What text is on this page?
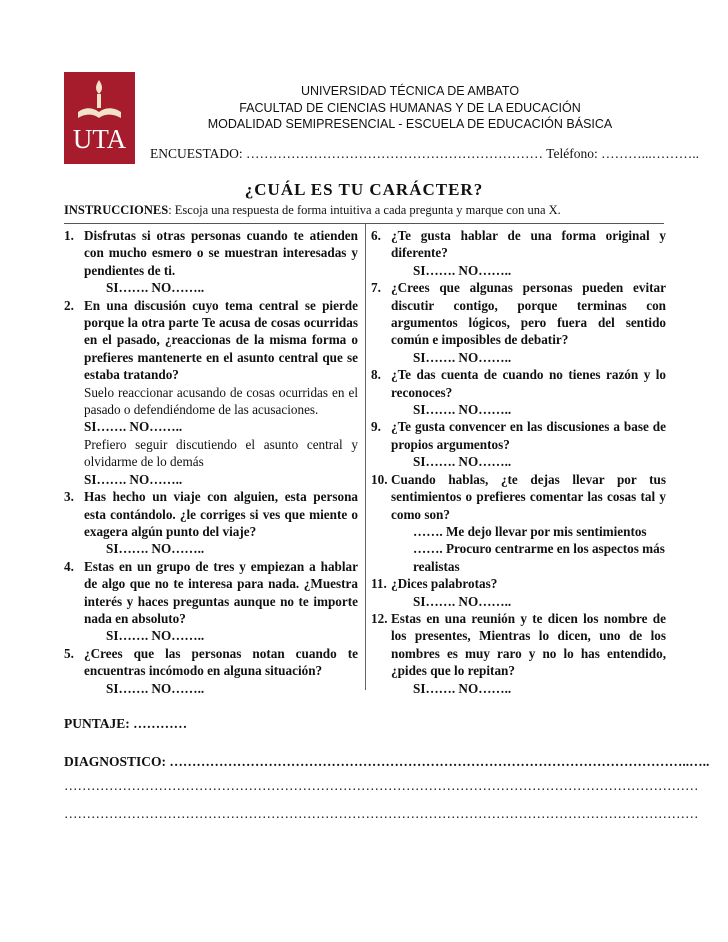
UTA
UNIVERSIDAD TÉCNICA DE AMBATO
FACULTAD DE CIENCIAS HUMANAS Y DE LA EDUCACIÓN
MODALIDAD SEMIPRESENCIAL - ESCUELA DE EDUCACIÓN BÁSICA
ENCUESTADO: ………………………………………………………… Teléfono: ………...………..
¿CUÁL ES TU CARÁCTER?
INSTRUCCIONES: Escoja una respuesta de forma intuitiva a cada pregunta y marque con una X.
1. Disfrutas si otras personas cuando te atienden con mucho esmero o se muestran interesadas y pendientes de ti.
SI……. NO……..
2. En una discusión cuyo tema central se pierde porque la otra parte Te acusa de cosas ocurridas en el pasado, ¿reaccionas de la misma forma o prefieres mantenerte en el asunto central que se estaba tratando?
Suelo reaccionar acusando de cosas ocurridas en el pasado o defendiéndome de las acusaciones.
SI……. NO……..
Prefiero seguir discutiendo el asunto central y olvidarme de lo demás
SI……. NO……..
3. Has hecho un viaje con alguien, esta persona esta contándolo. ¿le corriges si ves que miente o exagera algún punto del viaje?
SI……. NO……..
4. Estas en un grupo de tres y empiezan a hablar de algo que no te interesa para nada. ¿Muestra interés y haces preguntas aunque no te importe nada en absoluto?
SI……. NO……..
5. ¿Crees que las personas notan cuando te encuentras incómodo en alguna situación?
SI……. NO……..
6. ¿Te gusta hablar de una forma original y diferente?
SI……. NO……..
7. ¿Crees que algunas personas pueden evitar discutir contigo, porque terminas con argumentos lógicos, pero fuera del sentido común e imposibles de debatir?
SI……. NO……..
8. ¿Te das cuenta de cuando no tienes razón y lo reconoces?
SI……. NO……..
9. ¿Te gusta convencer en las discusiones a base de propios argumentos?
SI……. NO……..
10. Cuando hablas, ¿te dejas llevar por tus sentimientos o prefieres comentar las cosas tal y como son?
……. Me dejo llevar por mis sentimientos
……. Procuro centrarme en los aspectos más realistas
11. ¿Dices palabrotas?
SI……. NO……..
12. Estas en una reunión y te dicen los nombre de los presentes, Mientras lo dicen, uno de los nombres es muy raro y no lo has entendido, ¿pides que lo repitan?
SI……. NO……..
PUNTAJE: …………
DIAGNOSTICO: ……………………………………………………………………………………………………..…..
……………………………………………………………………………………………………………………………
……………………………………………………………………………………………………………………………
